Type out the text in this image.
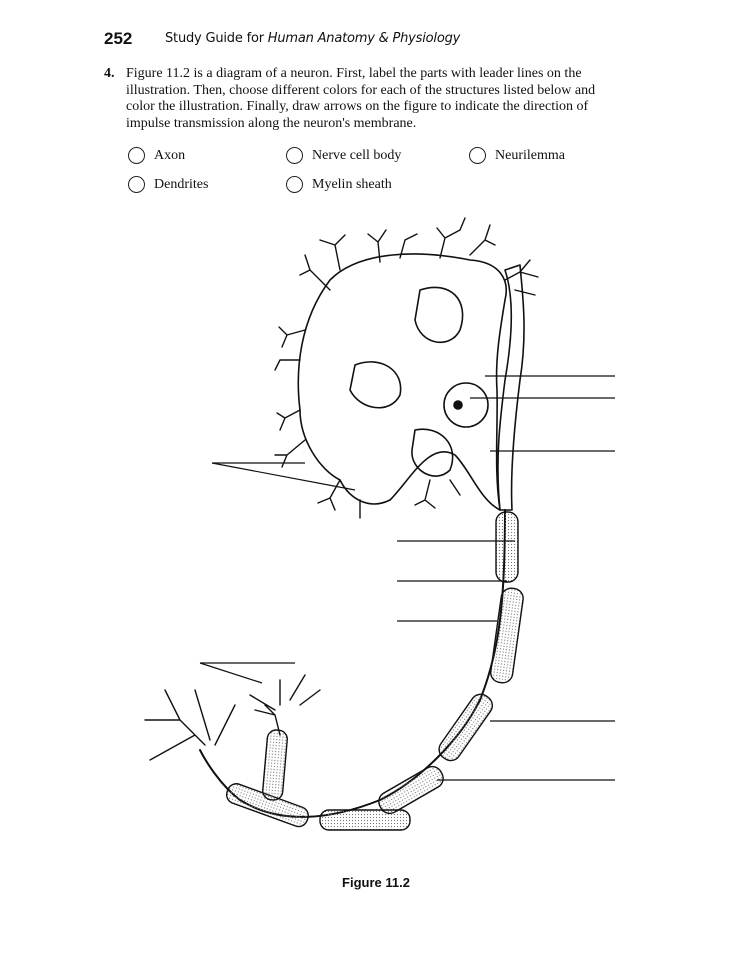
252	Study Guide for Human Anatomy & Physiology
4. Figure 11.2 is a diagram of a neuron. First, label the parts with leader lines on the illustration. Then, choose different colors for each of the structures listed below and color the illustration. Finally, draw arrows on the figure to indicate the direction of impulse transmission along the neuron's membrane.
Axon	Nerve cell body	Neurilemma
Dendrites	Myelin sheath
Figure 11.2
